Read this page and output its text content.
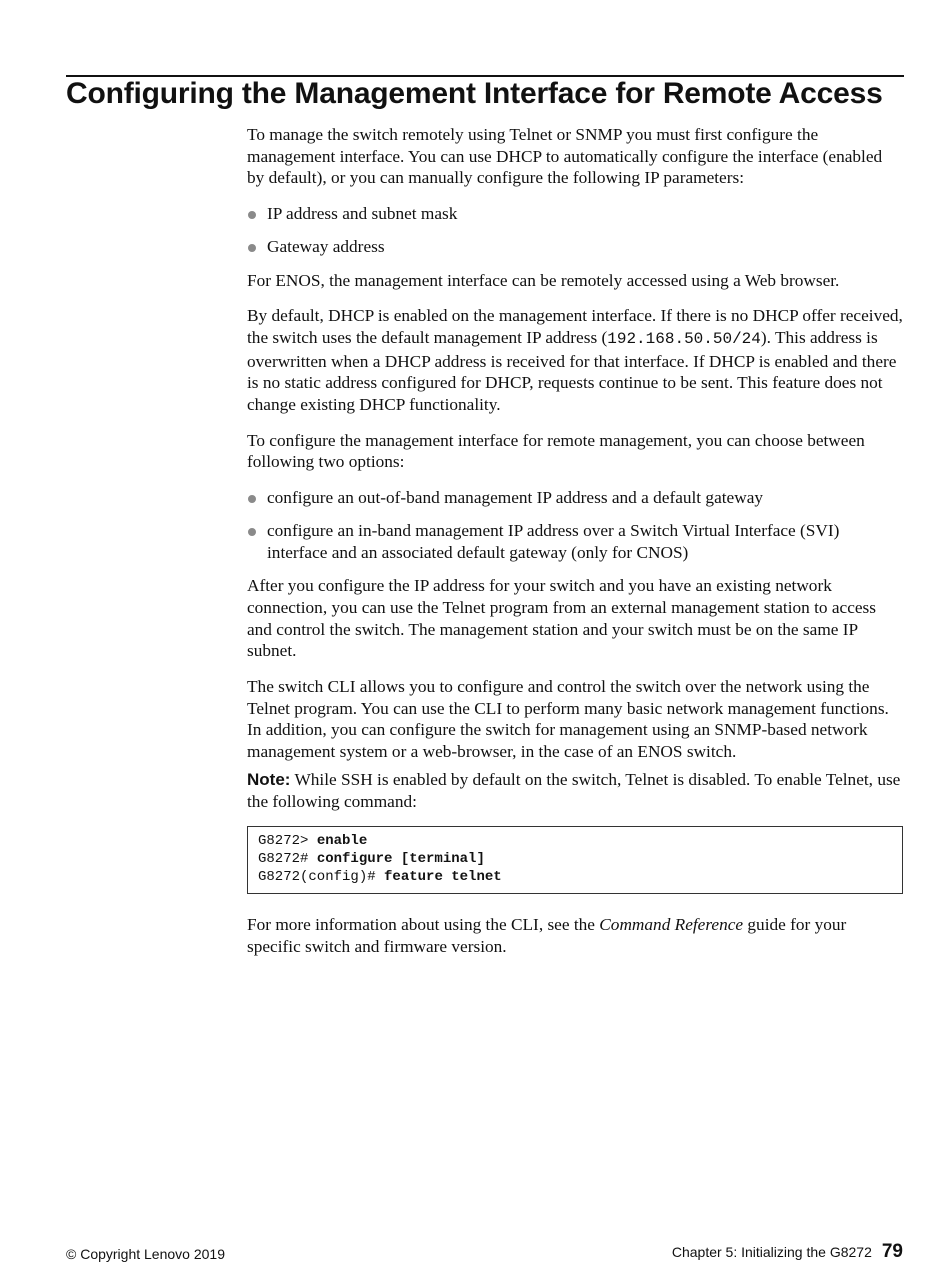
Configuring the Management Interface for Remote Access

To manage the switch remotely using Telnet or SNMP you must first configure the management interface. You can use DHCP to automatically configure the interface (enabled by default), or you can manually configure the following IP parameters:

IP address and subnet mask
Gateway address

For ENOS, the management interface can be remotely accessed using a Web browser.

By default, DHCP is enabled on the management interface. If there is no DHCP offer received, the switch uses the default management IP address (192.168.50.50/24). This address is overwritten when a DHCP address is received for that interface. If DHCP is enabled and there is no static address configured for DHCP, requests continue to be sent. This feature does not change existing DHCP functionality.

To configure the management interface for remote management, you can choose between following two options:

configure an out-of-band management IP address and a default gateway
configure an in-band management IP address over a Switch Virtual Interface (SVI) interface and an associated default gateway (only for CNOS)

After you configure the IP address for your switch and you have an existing network connection, you can use the Telnet program from an external management station to access and control the switch. The management station and your switch must be on the same IP subnet.

The switch CLI allows you to configure and control the switch over the network using the Telnet program. You can use the CLI to perform many basic network management functions. In addition, you can configure the switch for management using an SNMP-based network management system or a web-browser, in the case of an ENOS switch.

Note: While SSH is enabled by default on the switch, Telnet is disabled. To enable Telnet, use the following command:

G8272> enable
G8272# configure [terminal]
G8272(config)# feature telnet

For more information about using the CLI, see the Command Reference guide for your specific switch and firmware version.

© Copyright Lenovo 2019	Chapter 5: Initializing the G8272 79
